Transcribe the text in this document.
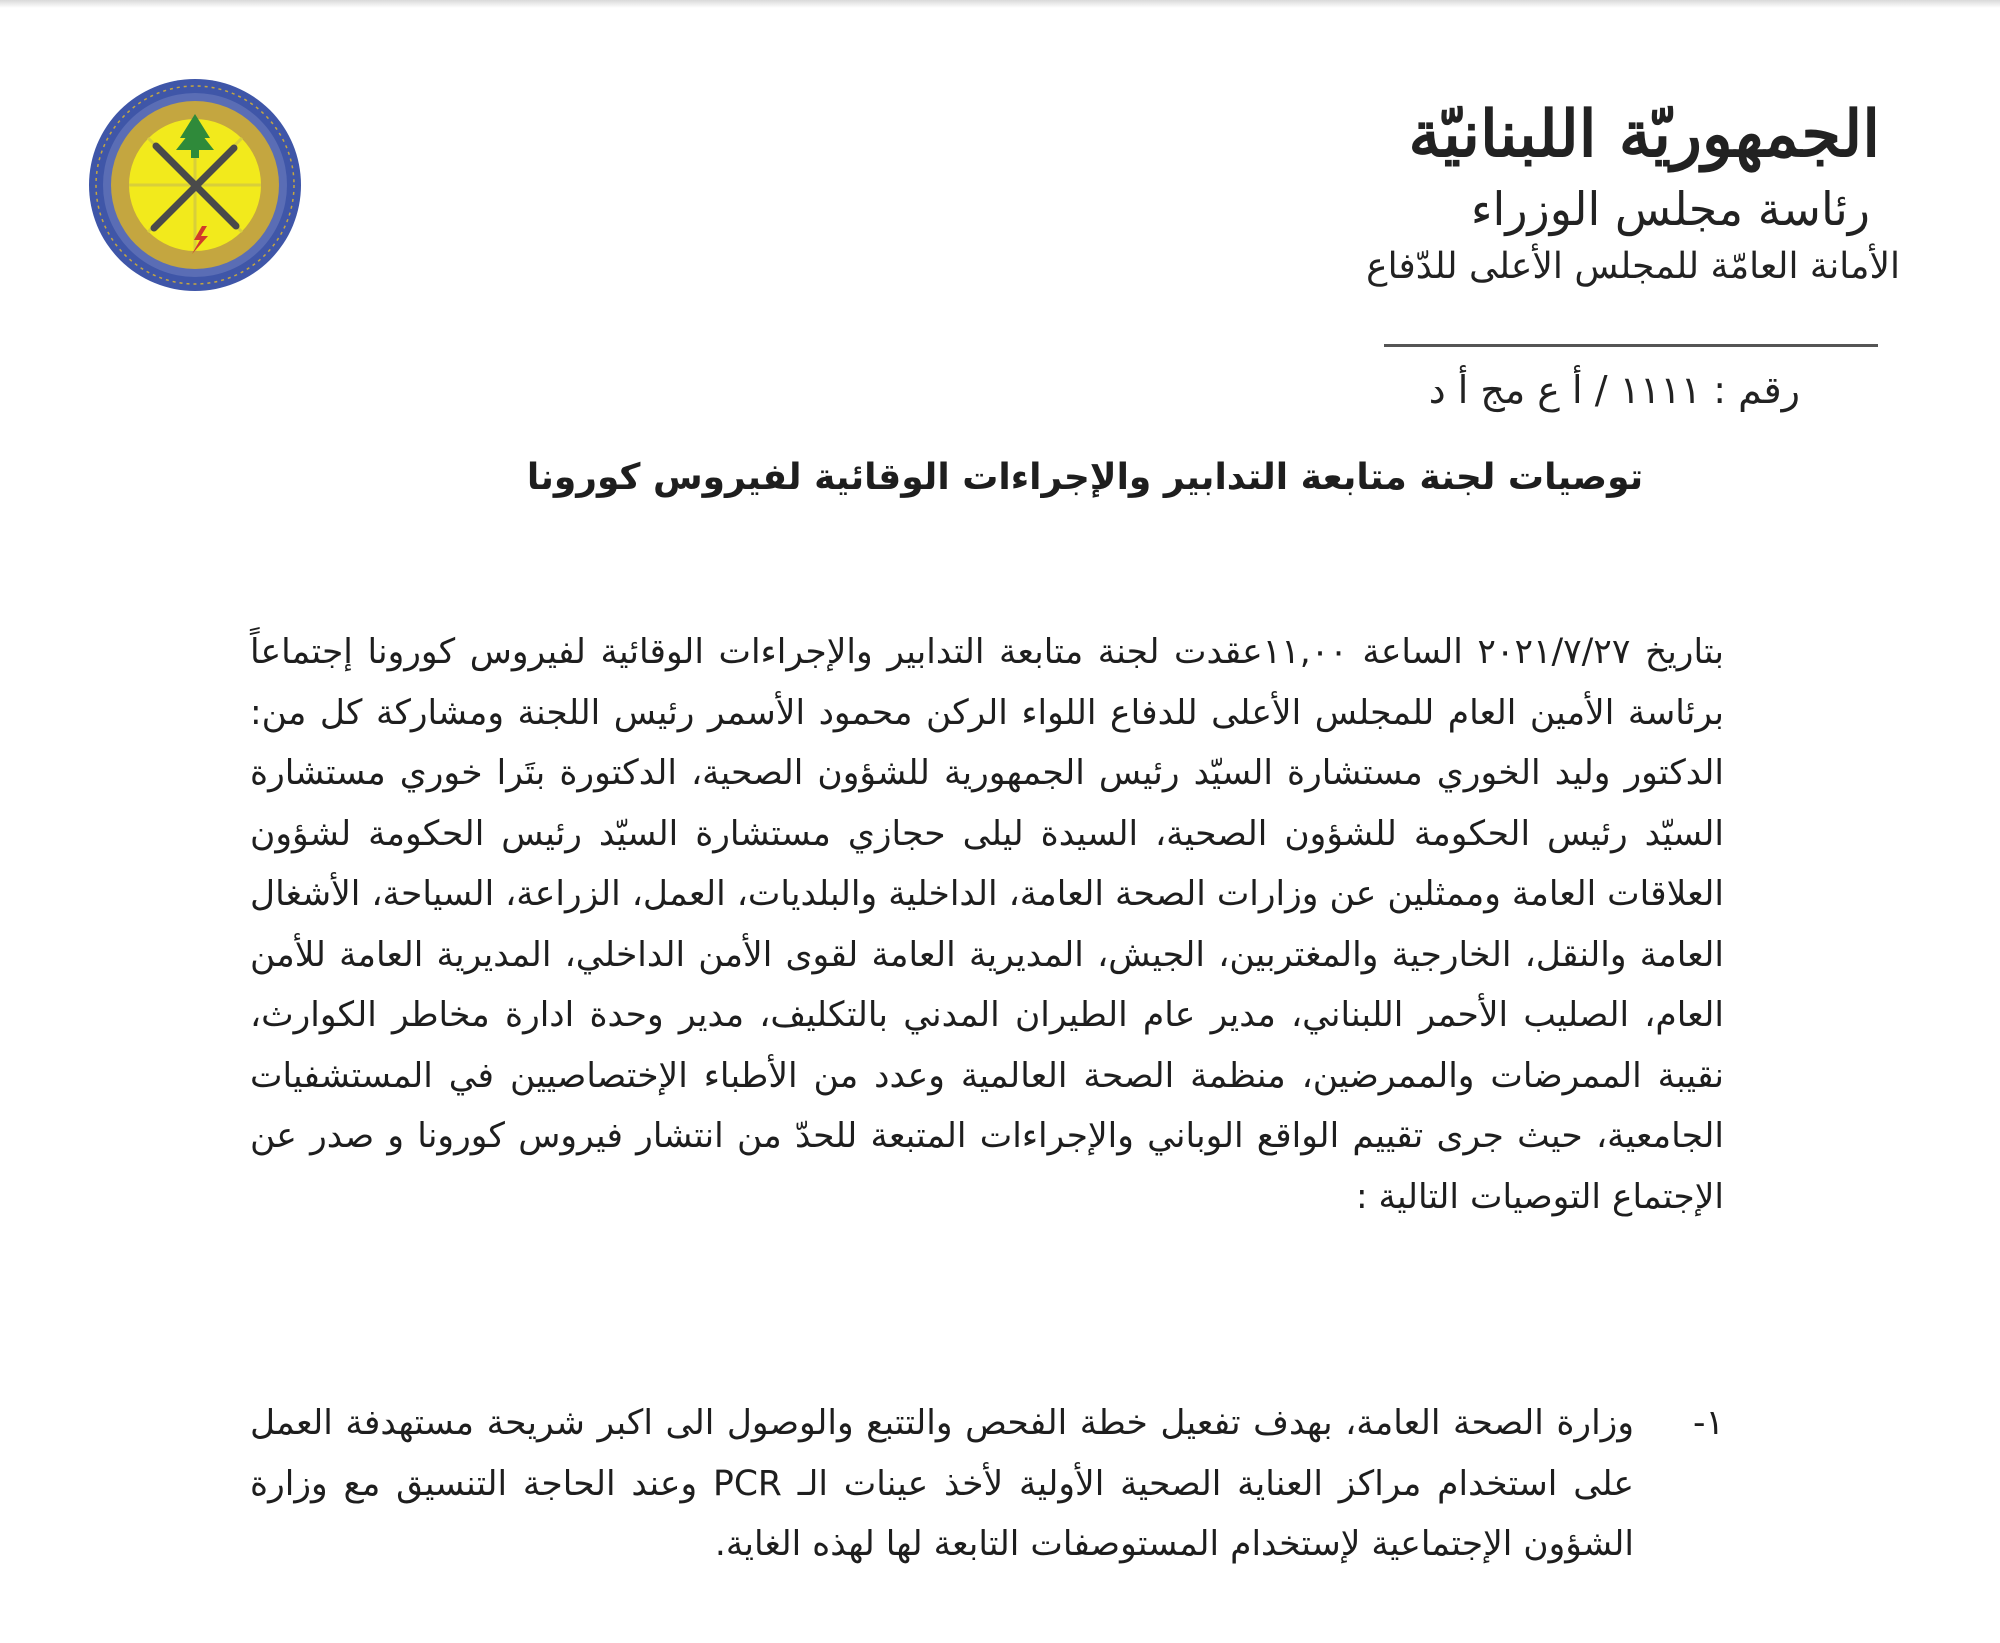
الجمهوريّة اللبنانيّة
رئاسة مجلس الوزراء
الأمانة العامّة للمجلس الأعلى للدّفاع
رقم : ١١١١ / أ ع مج أ د
توصيات لجنة متابعة التدابير والإجراءات الوقائية لفيروس كورونا
بتاريخ ٢٠٢١/٧/٢٧ الساعة ١١,٠٠عقدت لجنة متابعة التدابير والإجراءات الوقائية لفيروس كورونا إجتماعاً برئاسة الأمين العام للمجلس الأعلى للدفاع اللواء الركن محمود الأسمر رئيس اللجنة ومشاركة كل من: الدكتور وليد الخوري مستشارة السيّد رئيس الجمهورية للشؤون الصحية، الدكتورة بتَرا خوري مستشارة السيّد رئيس الحكومة للشؤون الصحية، السيدة ليلى حجازي مستشارة السيّد رئيس الحكومة لشؤون العلاقات العامة وممثلين عن وزارات الصحة العامة، الداخلية والبلديات، العمل، الزراعة، السياحة، الأشغال العامة والنقل، الخارجية والمغتربين، الجيش، المديرية العامة لقوى الأمن الداخلي، المديرية العامة للأمن العام، الصليب الأحمر اللبناني، مدير عام الطيران المدني بالتكليف، مدير وحدة ادارة مخاطر الكوارث، نقيبة الممرضات والممرضين، منظمة الصحة العالمية وعدد من الأطباء الإختصاصيين في المستشفيات الجامعية، حيث جرى تقييم الواقع الوباني والإجراءات المتبعة للحدّ من انتشار فيروس كورونا و صدر عن الإجتماع التوصيات التالية :
١-
وزارة الصحة العامة، بهدف تفعيل خطة الفحص والتتبع والوصول الى اكبر شريحة مستهدفة العمل على استخدام مراكز العناية الصحية الأولية لأخذ عينات الـ PCR وعند الحاجة التنسيق مع وزارة الشؤون الإجتماعية لإستخدام المستوصفات التابعة لها لهذه الغاية.
